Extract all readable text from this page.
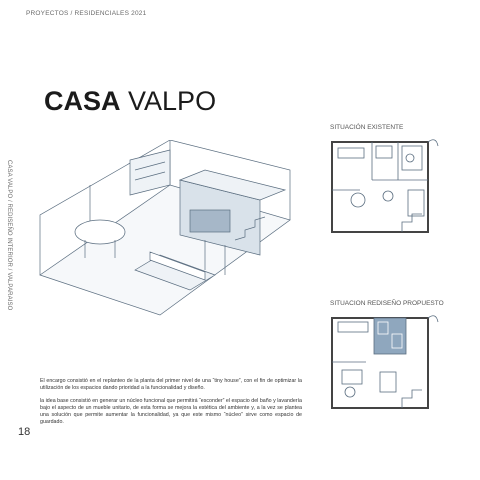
PROYECTOS / RESIDENCIALES 2021
CASA VALPO / REDISEÑO INTERIOR / VALPARAISO
CASA VALPO
SITUACIÓN EXISTENTE
SITUACION REDISEÑO PROPUESTO

El encargo consistió en el replanteo de la planta del primer nivel de una “tiny house”, con el fin de optimizar la utilización de los espacios dando prioridad a la funcionalidad y diseño.

la idea base consistió en generar un núcleo funcional que permitirá “esconder” el espacio del baño y lavandería bajo el aspecto de un mueble unitario, de esta forma se mejora la estética del ambiente y, a la vez se plantea una solución que permite aumentar la funcionalidad, ya que este mismo “núcleo” sirve como espacio de guardado.

18
